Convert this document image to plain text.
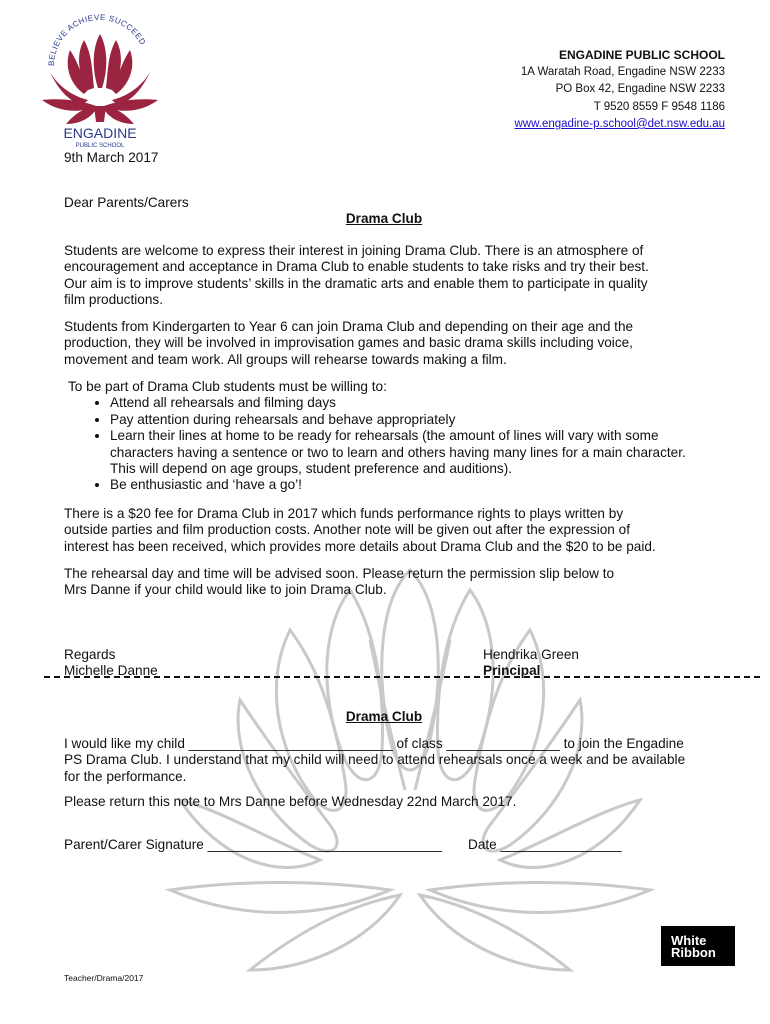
BELIEVE ACHIEVE SUCCEED
ENGADINE
PUBLIC SCHOOL
ENGADINE PUBLIC SCHOOL
1A Waratah Road, Engadine NSW 2233
PO Box 42, Engadine NSW 2233
T 9520 8559 F 9548 1186
www.engadine-p.school@det.nsw.edu.au
9th March 2017
Dear Parents/Carers
Drama Club
Students are welcome to express their interest in joining Drama Club. There is an atmosphere of
encouragement and acceptance in Drama Club to enable students to take risks and try their best.
Our aim is to improve students’ skills in the dramatic arts and enable them to participate in quality
film productions.
Students from Kindergarten to Year 6 can join Drama Club and depending on their age and the
production, they will be involved in improvisation games and basic drama skills including voice,
movement and team work. All groups will rehearse towards making a film.
To be part of Drama Club students must be willing to:
• Attend all rehearsals and filming days
• Pay attention during rehearsals and behave appropriately
• Learn their lines at home to be ready for rehearsals (the amount of lines will vary with some characters having a sentence or two to learn and others having many lines for a main character. This will depend on age groups, student preference and auditions).
• Be enthusiastic and ‘have a go’!
There is a $20 fee for Drama Club in 2017 which funds performance rights to plays written by
outside parties and film production costs. Another note will be given out after the expression of
interest has been received, which provides more details about Drama Club and the $20 to be paid.
The rehearsal day and time will be advised soon. Please return the permission slip below to
Mrs Danne if your child would like to join Drama Club.
Regards
Michelle Danne
Hendrika Green
Principal
Drama Club
I would like my child ___________________________ of class _______________ to join the Engadine
PS Drama Club. I understand that my child will need to attend rehearsals once a week and be available
for the performance.
Please return this note to Mrs Danne before Wednesday 22nd March 2017.
Parent/Carer Signature _______________________________ Date ________________
Teacher/Drama/2017
White
Ribbon
